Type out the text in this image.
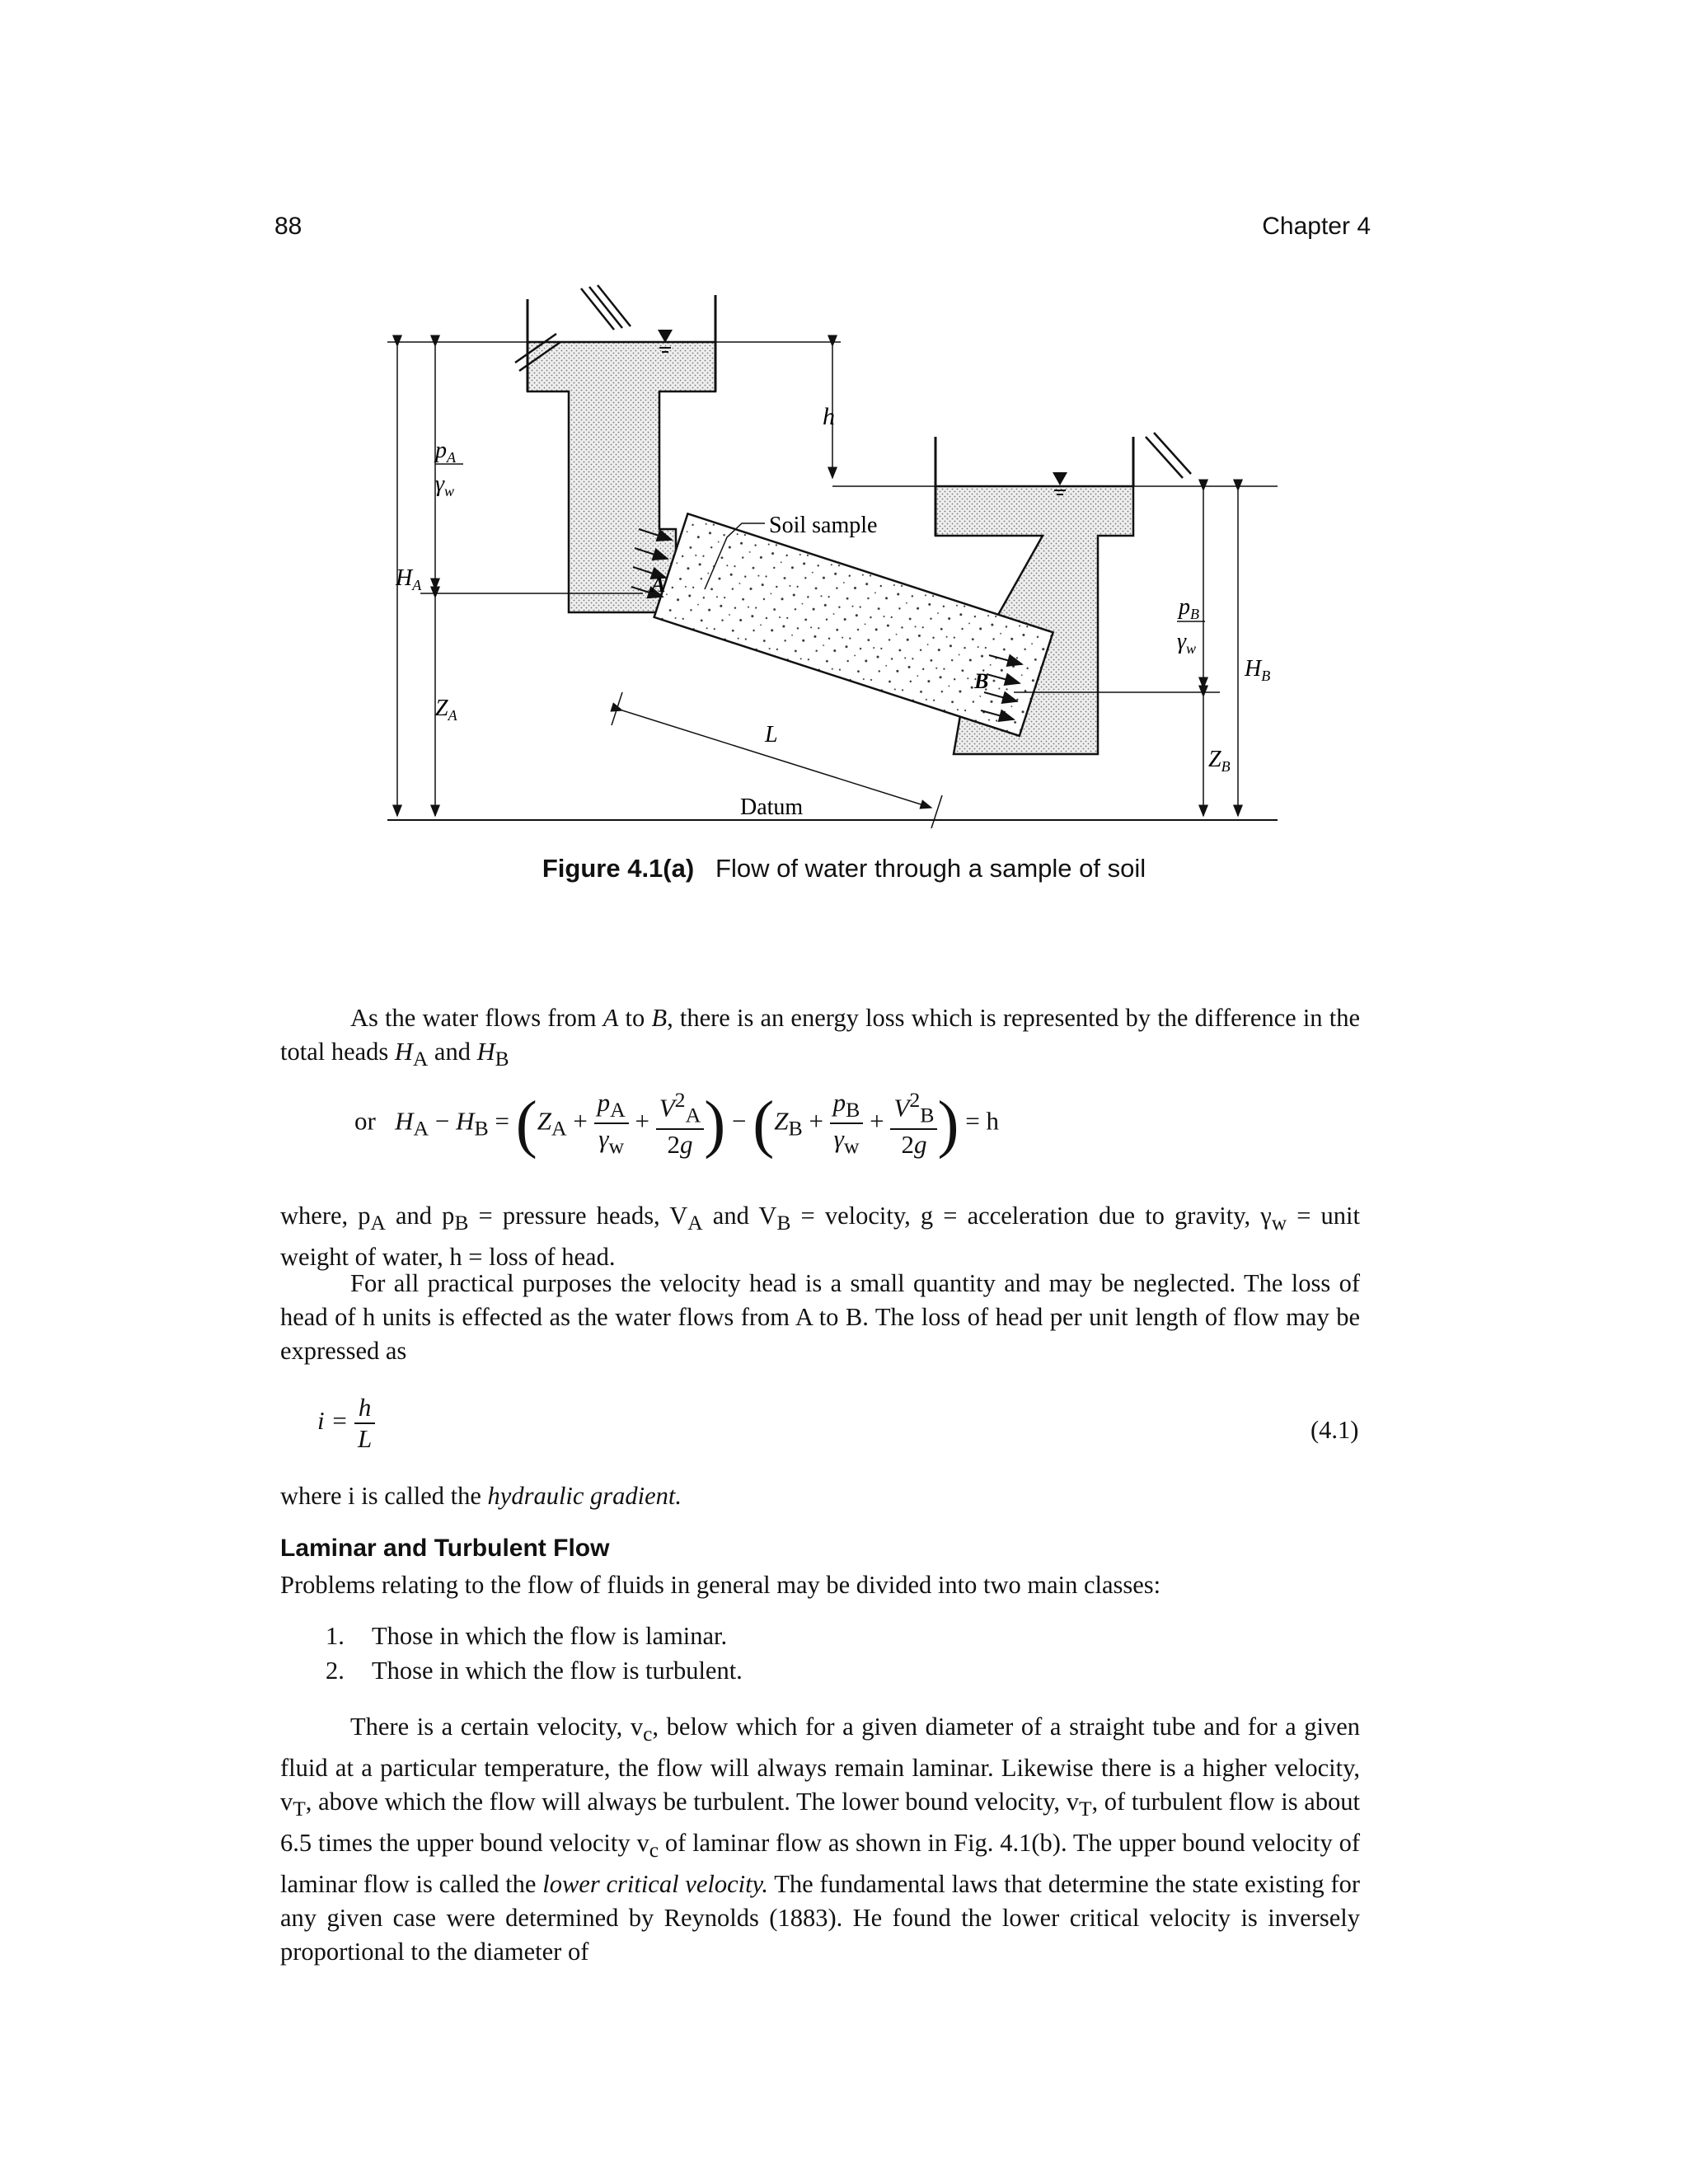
88	Chapter 4
h
Soil sample
A
B
L
Datum
$p_A$
$\gamma_w$
$H_A$
$Z_A$
$p_B$
$\gamma_w$
$H_B$
$Z_B$
Figure 4.1(a) Flow of water through a sample of soil
As the water flows from A to B, there is an energy loss which is represented by the difference in the total heads $H_A$ and $H_B$
or $H_A - H_B = (Z_A + \frac{p_A}{\gamma_w} + \frac{V^2_A}{2g}$ ) − ($Z_B + \frac{p_B}{\gamma_w} + \frac{V^2_B}{2g}$ ) = h
where, $p_A$ and $p_B$ = pressure heads, $V_A$ and $V_B$ = velocity, g = acceleration due to gravity, $\gamma_w$ = unit weight of water, h = loss of head.
For all practical purposes the velocity head is a small quantity and may be neglected. The loss of head of h units is effected as the water flows from A to B. The loss of head per unit length of flow may be expressed as
$i = \frac{h}{L}$	(4.1)
where i is called the hydraulic gradient.
Laminar and Turbulent Flow
Problems relating to the flow of fluids in general may be divided into two main classes:
1. Those in which the flow is laminar.
2. Those in which the flow is turbulent.
There is a certain velocity, $v_c$, below which for a given diameter of a straight tube and for a given fluid at a particular temperature, the flow will always remain laminar. Likewise there is a higher velocity, $v_T$, above which the flow will always be turbulent. The lower bound velocity, $v_T$, of turbulent flow is about 6.5 times the upper bound velocity $v_c$ of laminar flow as shown in Fig. 4.1(b). The upper bound velocity of laminar flow is called the lower critical velocity. The fundamental laws that determine the state existing for any given case were determined by Reynolds (1883). He found the lower critical velocity is inversely proportional to the diameter of
